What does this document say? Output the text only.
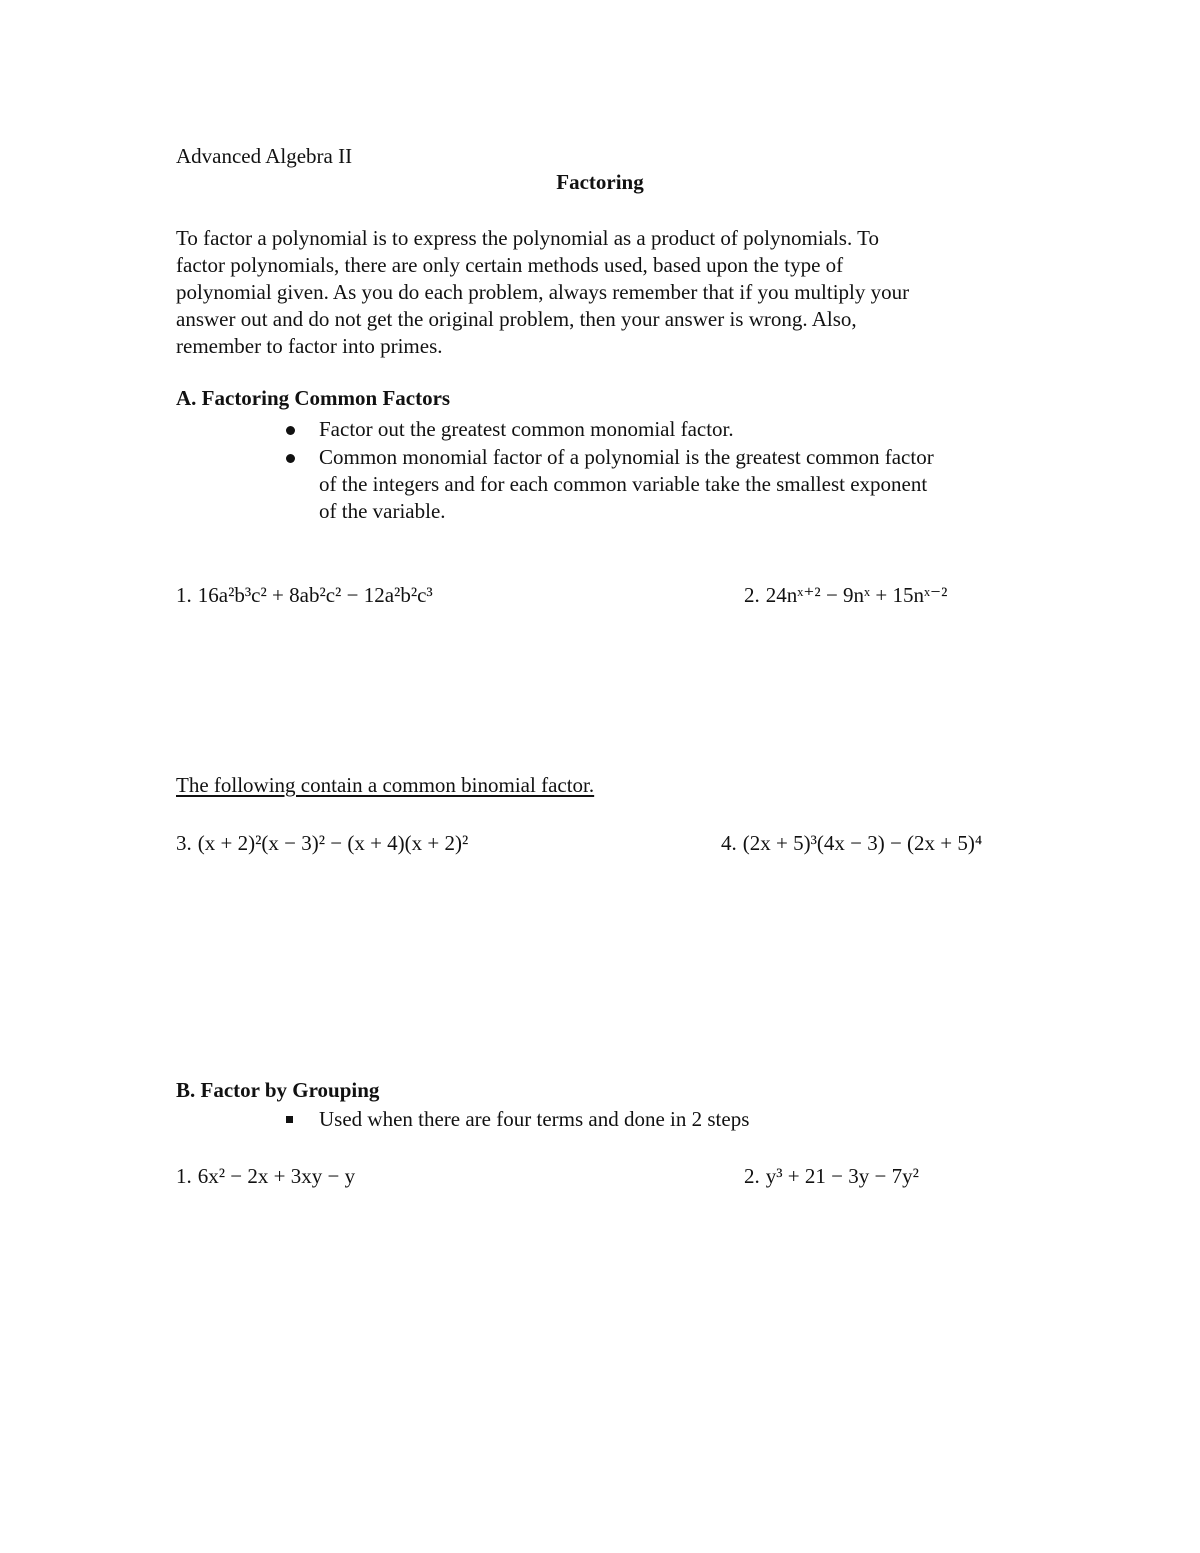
Advanced Algebra II
Factoring
To factor a polynomial is to express the polynomial as a product of polynomials. To
factor polynomials, there are only certain methods used, based upon the type of
polynomial given. As you do each problem, always remember that if you multiply your
answer out and do not get the original problem, then your answer is wrong. Also,
remember to factor into primes.
A. Factoring Common Factors
Factor out the greatest common monomial factor.
Common monomial factor of a polynomial is the greatest common factor
of the integers and for each common variable take the smallest exponent
of the variable.
1. 16a²b³c² + 8ab²c² − 12a²b²c³	2. 24nˣ⁺² − 9nˣ + 15nˣ⁻²
The following contain a common binomial factor.
3. (x + 2)²(x − 3)² − (x + 4)(x + 2)²	4. (2x + 5)³(4x − 3) − (2x + 5)⁴
B. Factor by Grouping
Used when there are four terms and done in 2 steps
1. 6x² − 2x + 3xy − y	2. y³ + 21 − 3y − 7y²
